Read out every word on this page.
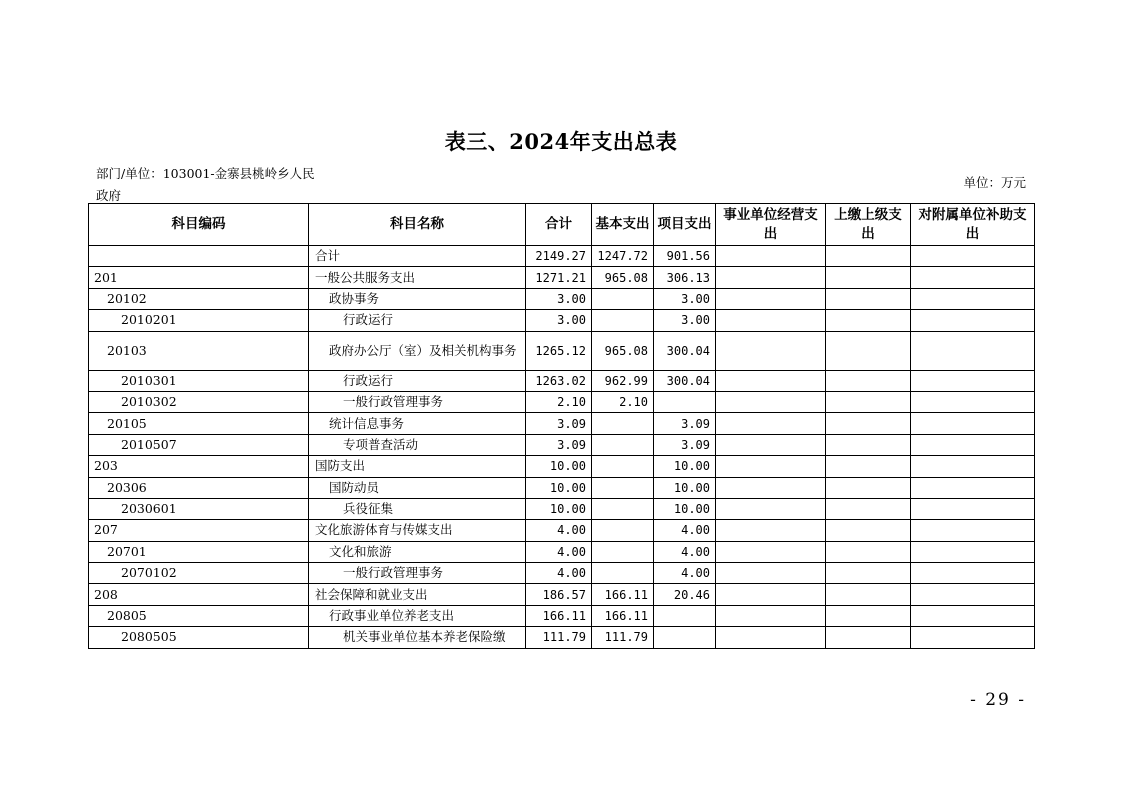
表三、2024年支出总表
部门/单位：103001-金寨县桃岭乡人民政府
单位：万元
科目编码	科目名称	合计	基本支出	项目支出	事业单位经营支出	上缴上级支出	对附属单位补助支出
	合计	2149.27	1247.72	901.56			
201	一般公共服务支出	1271.21	965.08	306.13			
20102	政协事务	3.00		3.00			
2010201	行政运行	3.00		3.00			
20103	政府办公厅（室）及相关机构事务	1265.12	965.08	300.04			
2010301	行政运行	1263.02	962.99	300.04			
2010302	一般行政管理事务	2.10	2.10				
20105	统计信息事务	3.09		3.09			
2010507	专项普查活动	3.09		3.09			
203	国防支出	10.00		10.00			
20306	国防动员	10.00		10.00			
2030601	兵役征集	10.00		10.00			
207	文化旅游体育与传媒支出	4.00		4.00			
20701	文化和旅游	4.00		4.00			
2070102	一般行政管理事务	4.00		4.00			
208	社会保障和就业支出	186.57	166.11	20.46			
20805	行政事业单位养老支出	166.11	166.11				
2080505	机关事业单位基本养老保险缴	111.79	111.79				
- 29 -
